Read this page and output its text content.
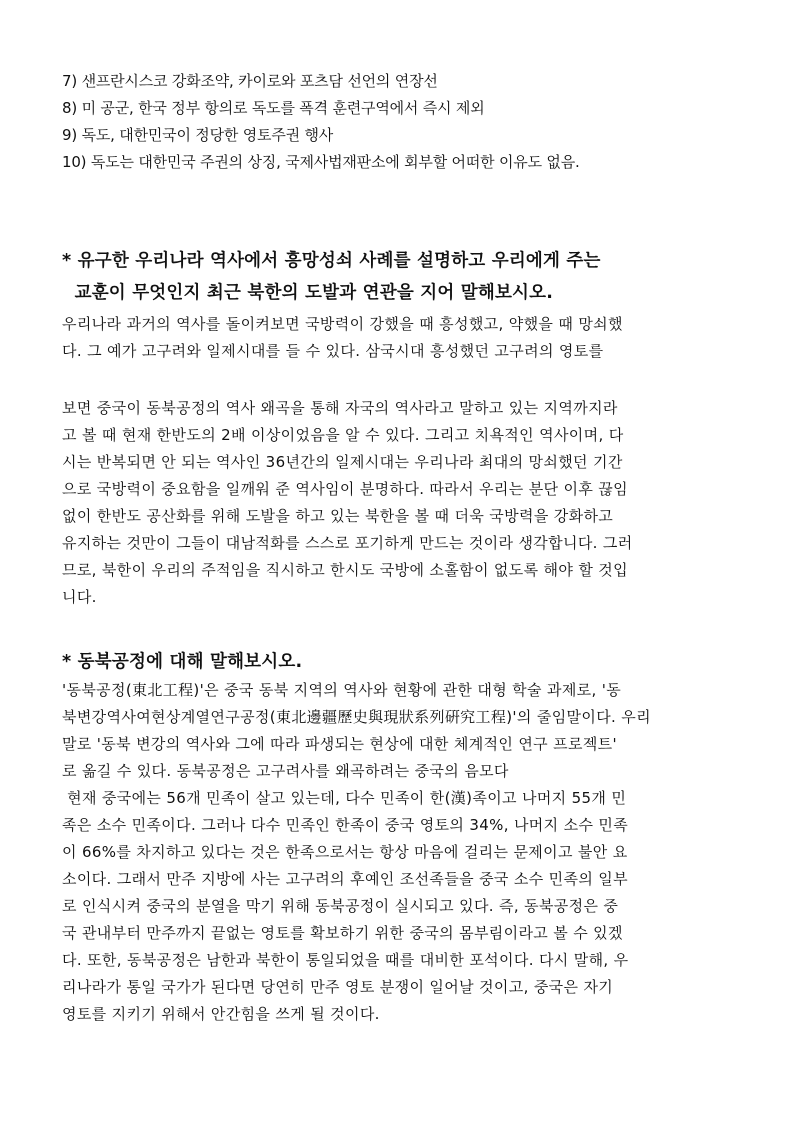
7) 샌프란시스코 강화조약, 카이로와 포츠담 선언의 연장선
8) 미 공군, 한국 정부 항의로 독도를 폭격 훈련구역에서 즉시 제외
9) 독도, 대한민국이 정당한 영토주권 행사
10) 독도는 대한민국 주권의 상징, 국제사법재판소에 회부할 어떠한 이유도 없음.
* 유구한 우리나라 역사에서 흥망성쇠 사례를 설명하고 우리에게 주는
교훈이 무엇인지 최근 북한의 도발과 연관을 지어 말해보시오.
우리나라 과거의 역사를 돌이켜보면 국방력이 강했을 때 흥성했고, 약했을 때 망쇠했
다. 그 예가 고구려와 일제시대를 들 수 있다. 삼국시대 흥성했던 고구려의 영토를
보면 중국이 동북공정의 역사 왜곡을 통해 자국의 역사라고 말하고 있는 지역까지라
고 볼 때 현재 한반도의 2배 이상이었음을 알 수 있다. 그리고 치욕적인 역사이며, 다
시는 반복되면 안 되는 역사인 36년간의 일제시대는 우리나라 최대의 망쇠했던 기간
으로 국방력이 중요함을 일깨워 준 역사임이 분명하다. 따라서 우리는 분단 이후 끊임
없이 한반도 공산화를 위해 도발을 하고 있는 북한을 볼 때 더욱 국방력을 강화하고
유지하는 것만이 그들이 대남적화를 스스로 포기하게 만드는 것이라 생각합니다. 그러
므로, 북한이 우리의 주적임을 직시하고 한시도 국방에 소홀함이 없도록 해야 할 것입
니다.
* 동북공정에 대해 말해보시오.
'동북공정(東北工程)'은 중국 동북 지역의 역사와 현황에 관한 대형 학술 과제로, '동
북변강역사여현상계열연구공정(東北邊疆歷史與現狀系列硏究工程)'의 줄임말이다. 우리
말로 '동북 변강의 역사와 그에 따라 파생되는 현상에 대한 체계적인 연구 프로젝트'
로 옮길 수 있다. 동북공정은 고구려사를 왜곡하려는 중국의 음모다
현재 중국에는 56개 민족이 살고 있는데, 다수 민족이 한(漢)족이고 나머지 55개 민
족은 소수 민족이다. 그러나 다수 민족인 한족이 중국 영토의 34%, 나머지 소수 민족
이 66%를 차지하고 있다는 것은 한족으로서는 항상 마음에 걸리는 문제이고 불안 요
소이다. 그래서 만주 지방에 사는 고구려의 후예인 조선족들을 중국 소수 민족의 일부
로 인식시켜 중국의 분열을 막기 위해 동북공정이 실시되고 있다. 즉, 동북공정은 중
국 관내부터 만주까지 끝없는 영토를 확보하기 위한 중국의 몸부림이라고 볼 수 있겠
다. 또한, 동북공정은 남한과 북한이 통일되었을 때를 대비한 포석이다. 다시 말해, 우
리나라가 통일 국가가 된다면 당연히 만주 영토 분쟁이 일어날 것이고, 중국은 자기
영토를 지키기 위해서 안간힘을 쓰게 될 것이다.
